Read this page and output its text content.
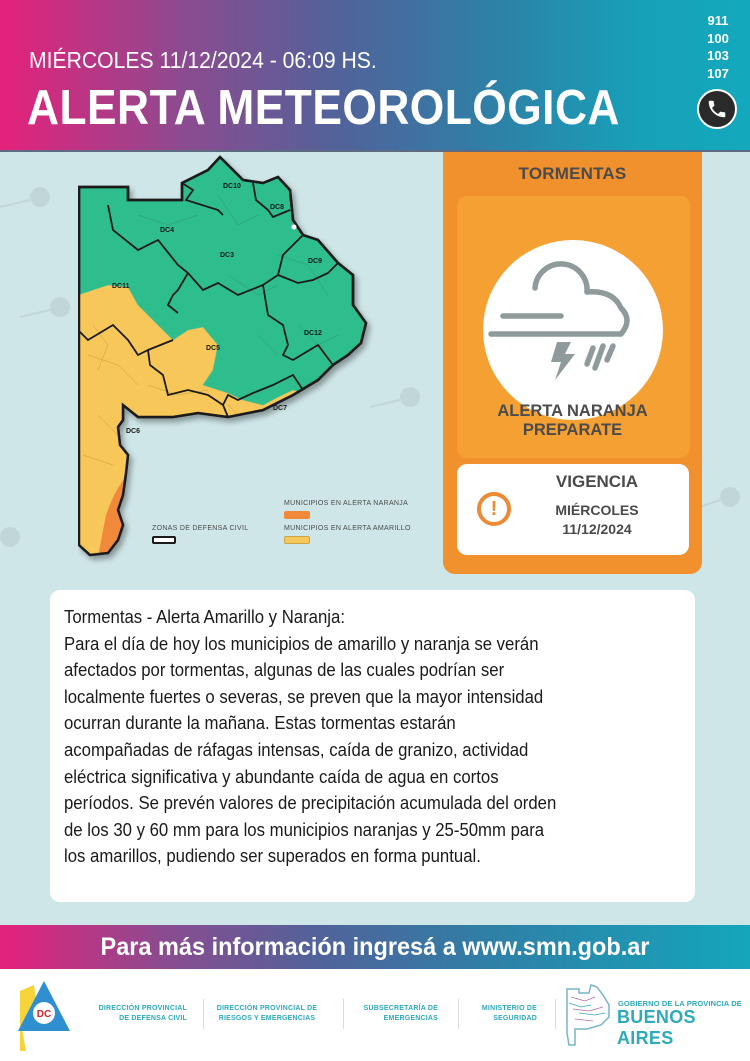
MIÉRCOLES 11/12/2024 - 06:09 HS.
ALERTA METEOROLÓGICA
911
100
103
107
DC10
DC8
DC4
DC3
DC9
DC11
DC12
DC5
DC7
DC6
MUNICIPIOS EN ALERTA NARANJA
MUNICIPIOS EN ALERTA AMARILLO
ZONAS DE DEFENSA CIVIL
TORMENTAS
ALERTA NARANJA
PREPARATE
!
VIGENCIA
MIÉRCOLES
11/12/2024
Tormentas - Alerta Amarillo y Naranja:

Para el día de hoy los municipios de amarillo y naranja se verán

afectados por tormentas, algunas de las cuales podrían ser

localmente fuertes o severas, se preven que la mayor intensidad

ocurran durante la mañana. Estas tormentas estarán

acompañadas de ráfagas intensas, caída de granizo, actividad

eléctrica significativa y abundante caída de agua en cortos

períodos. Se prevén valores de precipitación acumulada del orden

de los 30 y 60 mm para los municipios naranjas y 25-50mm para

los amarillos, pudiendo ser superados en forma puntual.

Para más información ingresá a www.smn.gob.ar
DC
DIRECCIÓN PROVINCIAL
DE DEFENSA CIVIL
DIRECCIÓN PROVINCIAL DE
RIESGOS Y EMERGENCIAS
SUBSECRETARÍA DE
EMERGENCIAS
MINISTERIO DE
SEGURIDAD
GOBIERNO DE LA PROVINCIA DE
BUENOS AIRES
